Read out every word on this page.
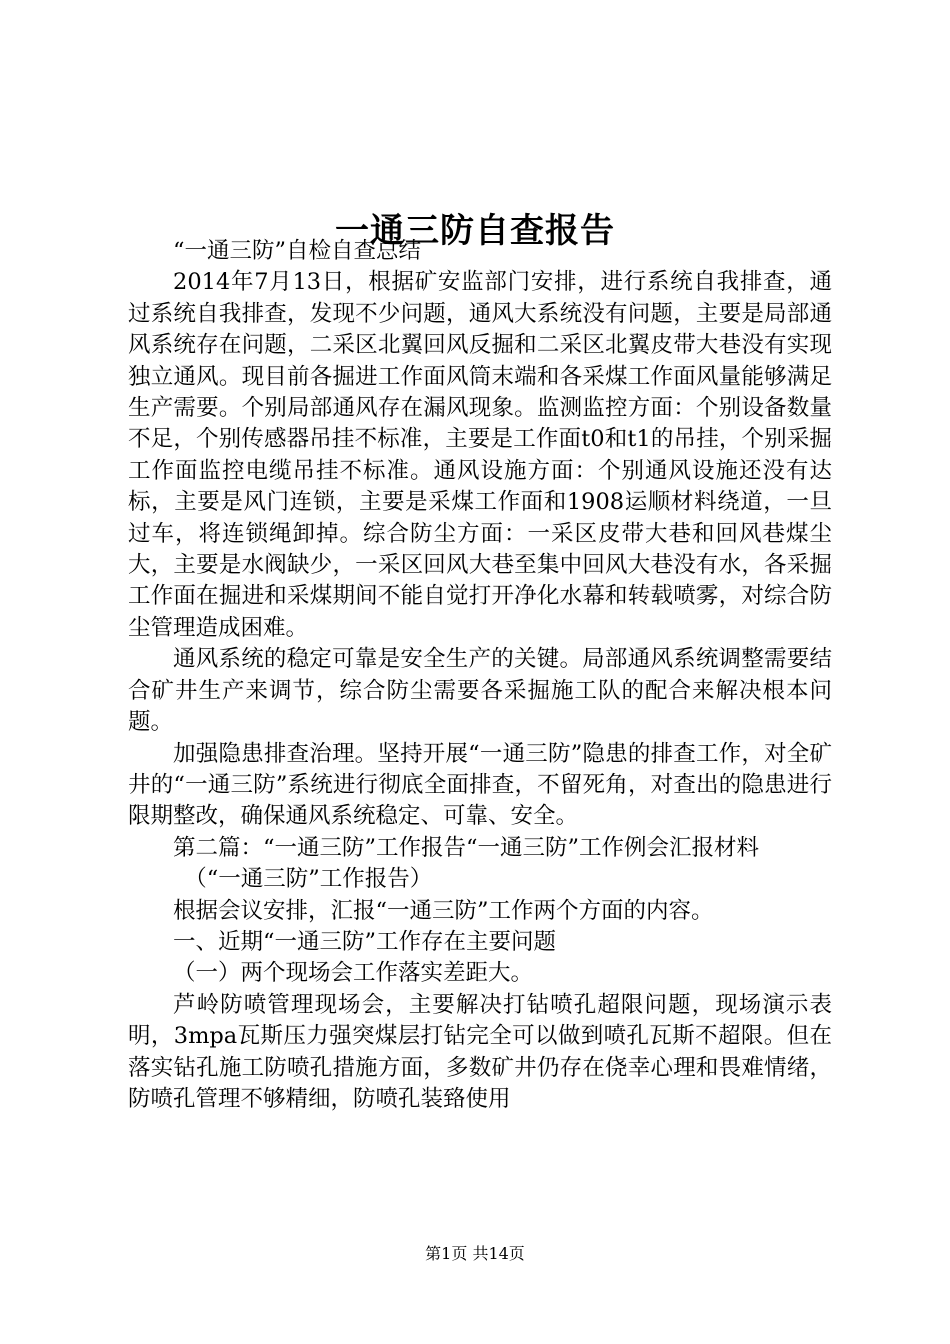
一通三防自查报告

“一通三防”自检自查总结

2014年7月13日，根据矿安监部门安排，进行系统自我排查，通过系统自我排查，发现不少问题，通风大系统没有问题，主要是局部通风系统存在问题，二采区北翼回风反掘和二采区北翼皮带大巷没有实现独立通风。现目前各掘进工作面风筒末端和各采煤工作面风量能够满足生产需要。个别局部通风存在漏风现象。监测监控方面：个别设备数量不足，个别传感器吊挂不标准，主要是工作面t0和t1的吊挂，个别采掘工作面监控电缆吊挂不标准。通风设施方面：个别通风设施还没有达标，主要是风门连锁，主要是采煤工作面和1908运顺材料绕道，一旦过车，将连锁绳卸掉。综合防尘方面：一采区皮带大巷和回风巷煤尘大，主要是水阀缺少，一采区回风大巷至集中回风大巷没有水，各采掘工作面在掘进和采煤期间不能自觉打开净化水幕和转载喷雾，对综合防尘管理造成困难。

通风系统的稳定可靠是安全生产的关键。局部通风系统调整需要结合矿井生产来调节，综合防尘需要各采掘施工队的配合来解决根本问题。

加强隐患排查治理。坚持开展“一通三防”隐患的排查工作，对全矿井的“一通三防”系统进行彻底全面排查，不留死角，对查出的隐患进行限期整改，确保通风系统稳定、可靠、安全。

第二篇：“一通三防”工作报告“一通三防”工作例会汇报材料

（“一通三防”工作报告）

根据会议安排，汇报“一通三防”工作两个方面的内容。

一、近期“一通三防”工作存在主要问题

（一）两个现场会工作落实差距大。

芦岭防喷管理现场会，主要解决打钻喷孔超限问题，现场演示表明，3mpa瓦斯压力强突煤层打钻完全可以做到喷孔瓦斯不超限。但在落实钻孔施工防喷孔措施方面，多数矿井仍存在侥幸心理和畏难情绪，防喷孔管理不够精细，防喷孔装臵使用

第1页 共14页
